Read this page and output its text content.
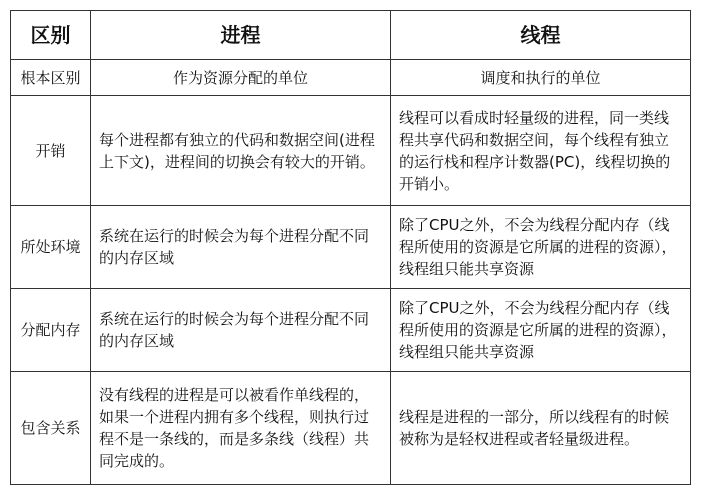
区别	进程	线程
根本区别	作为资源分配的单位	调度和执行的单位
开销	每个进程都有独立的代码和数据空间(进程上下文)，进程间的切换会有较大的开销。	线程可以看成时轻量级的进程，同一类线程共享代码和数据空间，每个线程有独立的运行栈和程序计数器(PC)，线程切换的开销小。
所处环境	系统在运行的时候会为每个进程分配不同的内存区域	除了CPU之外，不会为线程分配内存（线程所使用的资源是它所属的进程的资源），线程组只能共享资源
分配内存	系统在运行的时候会为每个进程分配不同的内存区域	除了CPU之外，不会为线程分配内存（线程所使用的资源是它所属的进程的资源），线程组只能共享资源
包含关系	没有线程的进程是可以被看作单线程的，如果一个进程内拥有多个线程，则执行过程不是一条线的，而是多条线（线程）共同完成的。	线程是进程的一部分，所以线程有的时候被称为是轻权进程或者轻量级进程。
